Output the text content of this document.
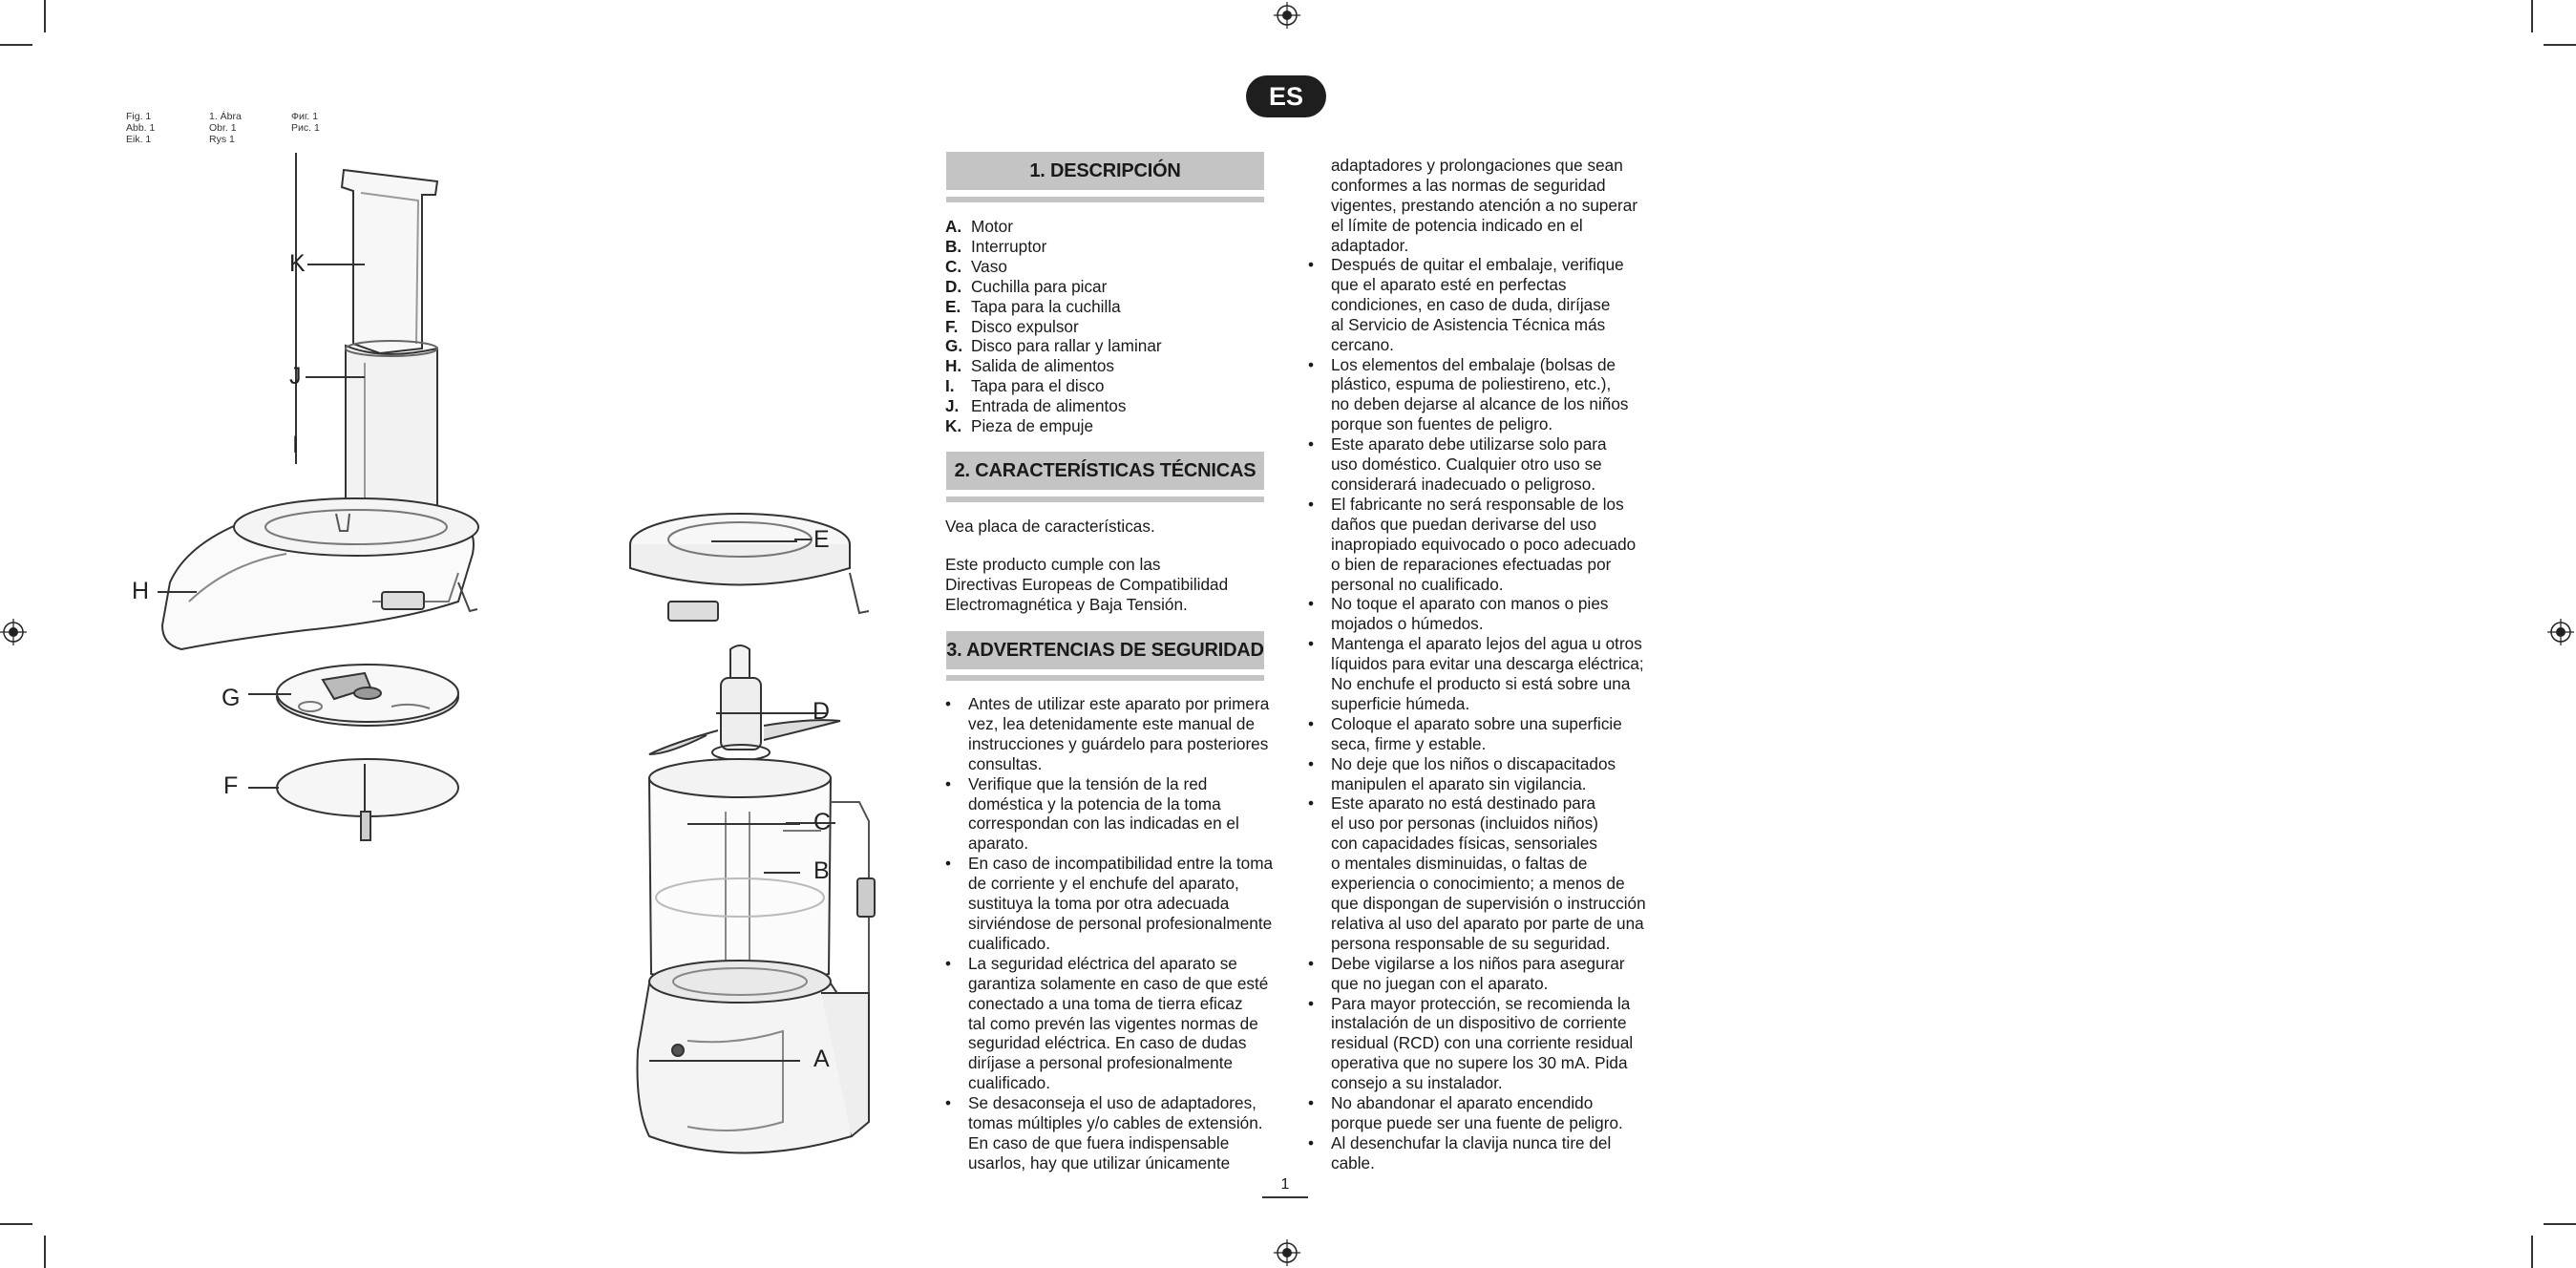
Fig. 1
Abb. 1
Eik. 1
1. Ábra
Obr. 1
Rys 1
Фиг. 1
Рис. 1
K
J
I
H
G
F
E
D
C
B
A
ES
1. DESCRIPCIÓN
A. Motor
B. Interruptor
C. Vaso
D. Cuchilla para picar
E. Tapa para la cuchilla
F. Disco expulsor
G. Disco para rallar y laminar
H. Salida de alimentos
I. Tapa para el disco
J. Entrada de alimentos
K. Pieza de empuje
2. CARACTERÍSTICAS TÉCNICAS
Vea placa de características.
Este producto cumple con las
Directivas Europeas de Compatibilidad
Electromagnética y Baja Tensión.
3. ADVERTENCIAS DE SEGURIDAD
• Antes de utilizar este aparato por primera
vez, lea detenidamente este manual de
instrucciones y guárdelo para posteriores
consultas.
• Verifique que la tensión de la red
doméstica y la potencia de la toma
correspondan con las indicadas en el
aparato.
• En caso de incompatibilidad entre la toma
de corriente y el enchufe del aparato,
sustituya la toma por otra adecuada
sirviéndose de personal profesionalmente
cualificado.
• La seguridad eléctrica del aparato se
garantiza solamente en caso de que esté
conectado a una toma de tierra eficaz
tal como prevén las vigentes normas de
seguridad eléctrica. En caso de dudas
diríjase a personal profesionalmente
cualificado.
• Se desaconseja el uso de adaptadores,
tomas múltiples y/o cables de extensión.
En caso de que fuera indispensable
usarlos, hay que utilizar únicamente
adaptadores y prolongaciones que sean
conformes a las normas de seguridad
vigentes, prestando atención a no superar
el límite de potencia indicado en el
adaptador.
• Después de quitar el embalaje, verifique
que el aparato esté en perfectas
condiciones, en caso de duda, diríjase
al Servicio de Asistencia Técnica más
cercano.
• Los elementos del embalaje (bolsas de
plástico, espuma de poliestireno, etc.),
no deben dejarse al alcance de los niños
porque son fuentes de peligro.
• Este aparato debe utilizarse solo para
uso doméstico. Cualquier otro uso se
considerará inadecuado o peligroso.
• El fabricante no será responsable de los
daños que puedan derivarse del uso
inapropiado equivocado o poco adecuado
o bien de reparaciones efectuadas por
personal no cualificado.
• No toque el aparato con manos o pies
mojados o húmedos.
• Mantenga el aparato lejos del agua u otros
líquidos para evitar una descarga eléctrica;
No enchufe el producto si está sobre una
superficie húmeda.
• Coloque el aparato sobre una superficie
seca, firme y estable.
• No deje que los niños o discapacitados
manipulen el aparato sin vigilancia.
• Este aparato no está destinado para
el uso por personas (incluidos niños)
con capacidades físicas, sensoriales
o mentales disminuidas, o faltas de
experiencia o conocimiento; a menos de
que dispongan de supervisión o instrucción
relativa al uso del aparato por parte de una
persona responsable de su seguridad.
• Debe vigilarse a los niños para asegurar
que no juegan con el aparato.
• Para mayor protección, se recomienda la
instalación de un dispositivo de corriente
residual (RCD) con una corriente residual
operativa que no supere los 30 mA. Pida
consejo a su instalador.
• No abandonar el aparato encendido
porque puede ser una fuente de peligro.
• Al desenchufar la clavija nunca tire del
cable.
1
